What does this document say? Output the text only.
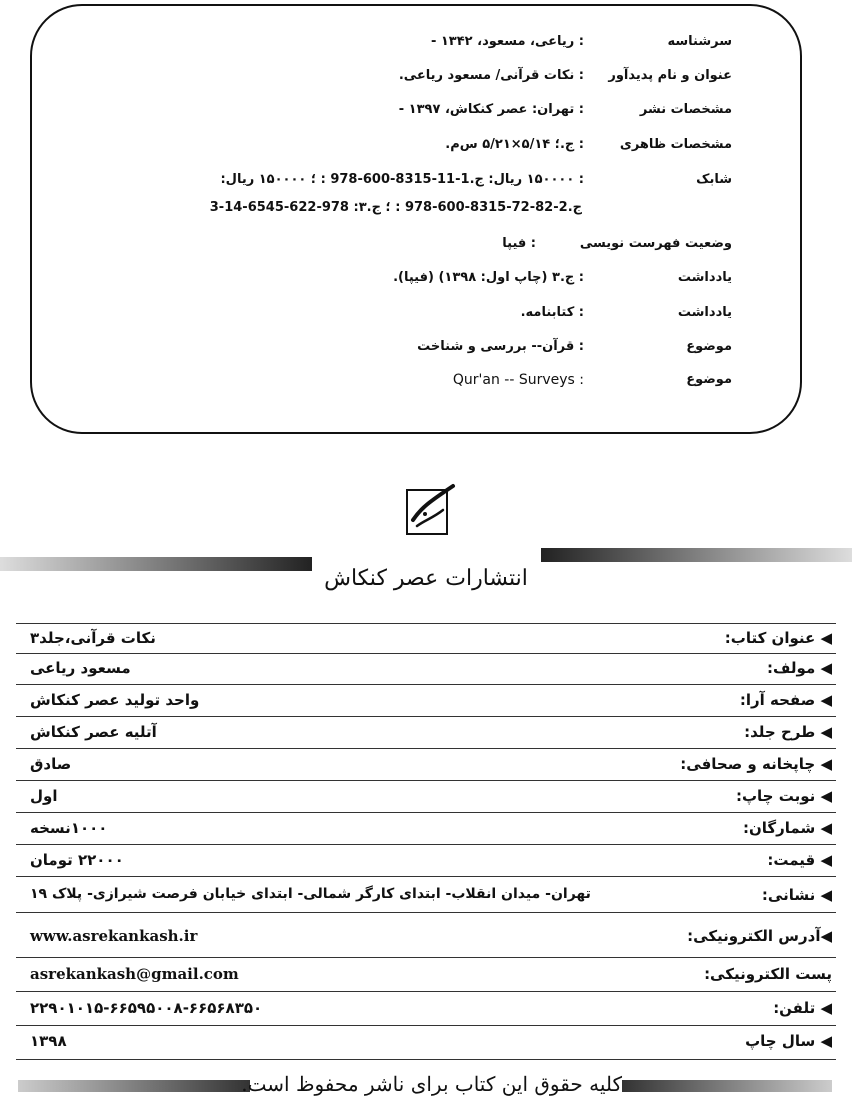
سرشناسه
: ریاعی، مسعود، ۱۳۴۲ -
عنوان و نام پدیدآور
: نکات قرآنی/ مسعود ریاعی.
مشخصات نشر
: تهران: عصر کنکاش، ۱۳۹۷ -
مشخصات ظاهری
: ج.؛ ۵/۱۴×۵/۲۱ س‌م.
شابک
: ۱۵۰۰۰۰ ریال: ج.1-11-8315-600-978 : ؛ ۱۵۰۰۰۰ ریال:
ج.2-82-72-8315-600-978 : ؛ ج.۳: 978-622-6545-14-3
وضعیت فهرست نویسی
: فیپا
یادداشت
: ج.۳ (چاپ اول: ۱۳۹۸) (فیپا).
یادداشت
: کتابنامه.
موضوع
: قرآن-- بررسی و شناخت
موضوع
: Qur'an -- Surveys
انتشارات عصر کنکاش
◀ عنوان کتاب:
نکات قرآنی،جلد۳
◀ مولف:
مسعود ریاعی
◀ صفحه آرا:
واحد تولید عصر کنکاش
◀ طرح جلد:
آتلیه عصر کنکاش
◀ چاپخانه و صحافی:
صادق
◀ نوبت چاپ:
اول
◀ شمارگان:
۱۰۰۰نسخه
◀ قیمت:
۲۲۰۰۰ تومان
◀ نشانی:
تهران- میدان انقلاب- ابتدای کارگر شمالی- ابتدای خیابان فرصت شیرازی- پلاک ۱۹
◀آدرس الکترونیکی:
www.asrekankash.ir
پست الکترونیکی:
asrekankash@gmail.com
◀ تلفن:
۲۲۹۰۱۰۱۵-۶۶۵۹۵۰۰۸-۶۶۵۶۸۳۵۰
◀ سال چاپ
۱۳۹۸
کلیه حقوق این کتاب برای ناشر محفوظ است.
